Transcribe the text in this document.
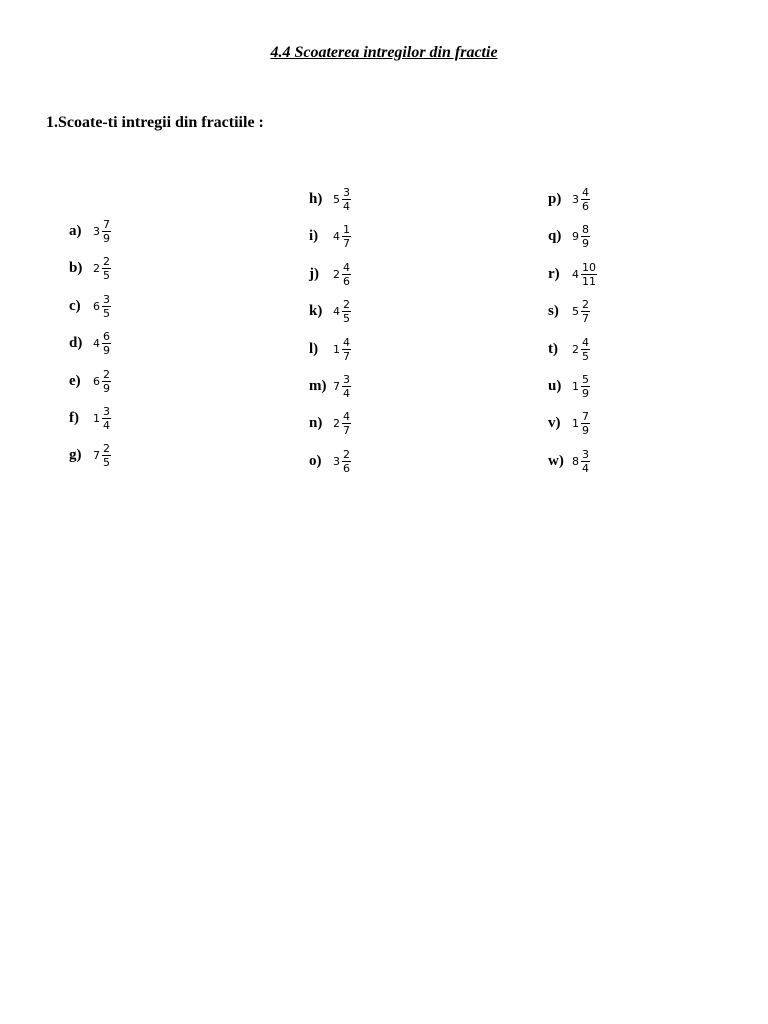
4.4 Scoaterea intregilor din fractie
1.Scoate-ti intregii din fractiile :
a)	$3 \frac{7}{9}$
b) $2 \frac{2}{5}$
c)	$6 \frac{3}{5}$
d) $4 \frac{6}{9}$
e)	$6 \frac{2}{9}$
f)	$1 \frac{3}{4}$
g)	$7 \frac{2}{5}$
h) $5 \frac{3}{4}$
i)	$4 \frac{1}{7}$
j)	$2 \frac{4}{6}$
k) $4 \frac{2}{5}$
l)	$1 \frac{4}{7}$
m) $7 \frac{3}{4}$
n) $2 \frac{4}{7}$
o)	$3 \frac{2}{6}$
p) $3 \frac{4}{6}$
q) $9 \frac{8}{9}$
r)	$4 \frac{10}{11}$
s)	$5 \frac{2}{7}$
t)	$2 \frac{4}{5}$
u) $1 \frac{5}{9}$
v)	$1 \frac{7}{9}$
w) $8 \frac{3}{4}$
